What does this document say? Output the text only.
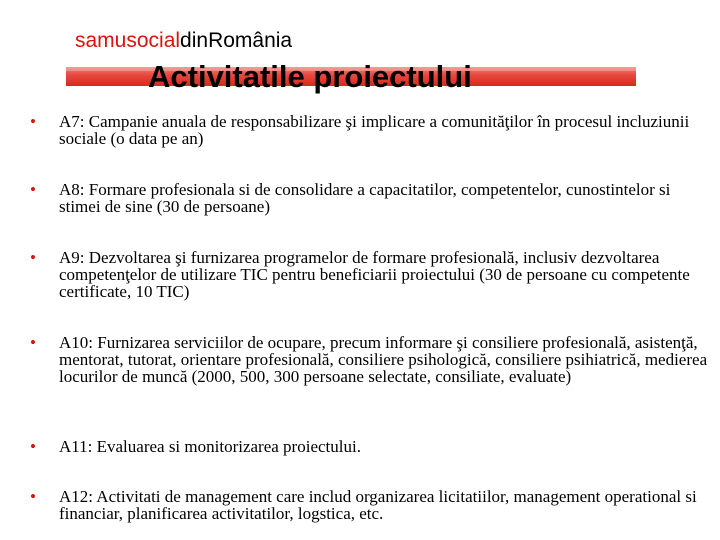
samusocialdinRomânia
Activitatile proiectului
• A7: Campanie anuala de responsabilizare şi implicare a comunităţilor în procesul incluziunii sociale (o data pe an)
• A8: Formare profesionala si de consolidare a capacitatilor, competentelor, cunostintelor si stimei de sine (30 de persoane)
• A9: Dezvoltarea şi furnizarea programelor de formare profesională, inclusiv dezvoltarea competenţelor de utilizare TIC pentru beneficiarii proiectului (30 de persoane cu competente certificate, 10 TIC)
• A10: Furnizarea serviciilor de ocupare, precum informare şi consiliere profesională, asistenţă, mentorat, tutorat, orientare profesională, consiliere psihologică, consiliere psihiatrică, medierea locurilor de muncă (2000, 500, 300 persoane selectate, consiliate, evaluate)
• A11: Evaluarea si monitorizarea proiectului.
• A12: Activitati de management care includ organizarea licitatiilor, management operational si financiar, planificarea activitatilor, logstica, etc.
